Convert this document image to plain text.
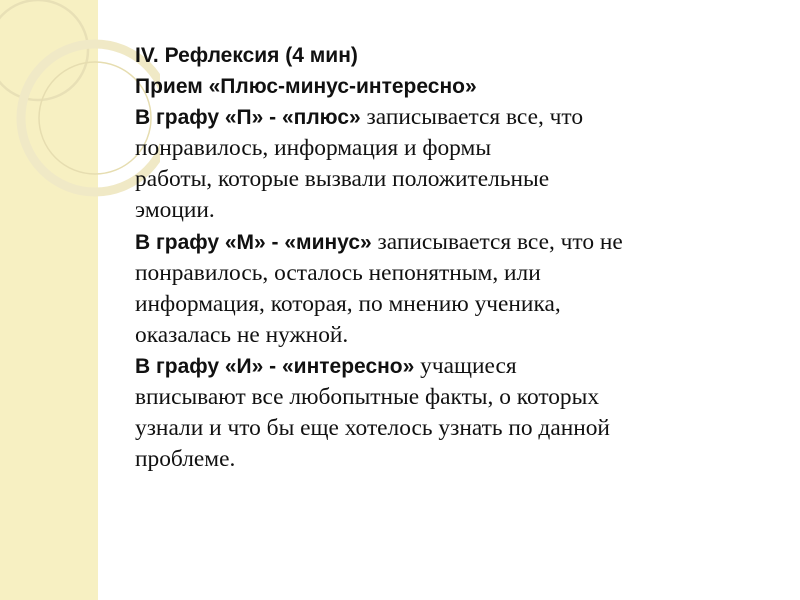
IV. Рефлексия (4 мин)
Прием «Плюс-минус-интересно»
В графу «П» - «плюс» записывается все, что
понравилось, информация и формы
работы, которые вызвали положительные
эмоции.
В графу «М» - «минус» записывается все, что не
понравилось, осталось непонятным, или
информация, которая, по мнению ученика,
оказалась не нужной.
В графу «И» - «интересно» учащиеся
вписывают все любопытные факты, о которых
узнали и что бы еще хотелось узнать по данной
проблеме.
